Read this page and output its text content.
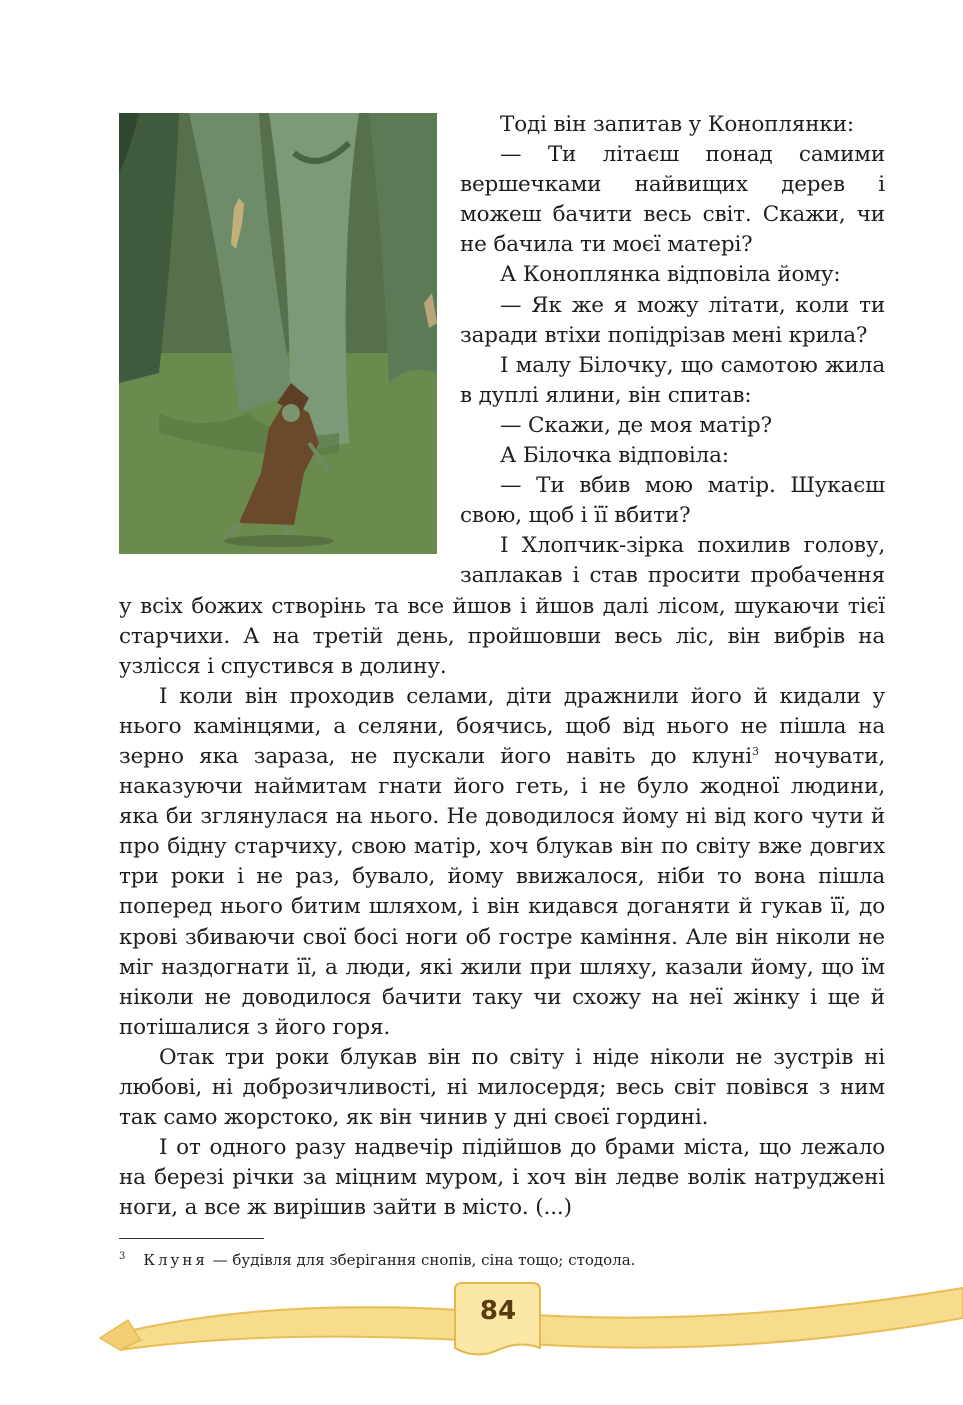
Тоді він запитав у Коноплянки:

— Ти літаєш понад самими вершечками найвищих дерев і можеш бачити весь світ. Скажи, чи не бачила ти моєї матері?

А Коноплянка відповіла йому:

— Як же я можу літати, коли ти заради втіхи попідрізав мені крила?

І малу Білочку, що самотою жила в дуплі ялини, він спитав:

— Скажи, де моя матір?

А Білочка відповіла:

— Ти вбив мою матір. Шукаєш свою, щоб і її вбити?

І Хлопчик-зірка похилив голову, заплакав і став просити пробачення у всіх божих створінь та все йшов і йшов далі лісом, шукаючи тієї старчихи. А на третій день, пройшовши весь ліс, він вибрів на узлісся і спустився в долину.

І коли він проходив селами, діти дражнили його й кидали у нього камінцями, а селяни, боячись, щоб від нього не пішла на зерно яка зараза, не пускали його навіть до клуні$^3$ ночувати, наказуючи наймитам гнати його геть, і не було жодної людини, яка би зглянулася на нього. Не доводилося йому ні від кого чути й про бідну старчиху, свою матір, хоч блукав він по світу вже довгих три роки і не раз, бувало, йому ввижалося, ніби то вона пішла поперед нього битим шляхом, і він кидався доганяти й гукав її, до крові збиваючи свої босі ноги об гостре каміння. Але він ніколи не міг наздогнати її, а люди, які жили при шляху, казали йому, що їм ніколи не доводилося бачити таку чи схожу на неї жінку і ще й потішалися з його горя.

Отак три роки блукав він по світу і ніде ніколи не зустрів ні любові, ні доброзичливості, ні милосердя; весь світ повівся з ним так само жорстоко, як він чинив у дні своєї гордині.

І от одного разу надвечір підійшов до брами міста, що лежало на березі річки за міцним муром, і хоч він ледве волік натруджені ноги, а все ж вирішив зайти в місто. (...)

$^3$ Клуня — будівля для зберігання снопів, сіна тощо; стодола.
84
